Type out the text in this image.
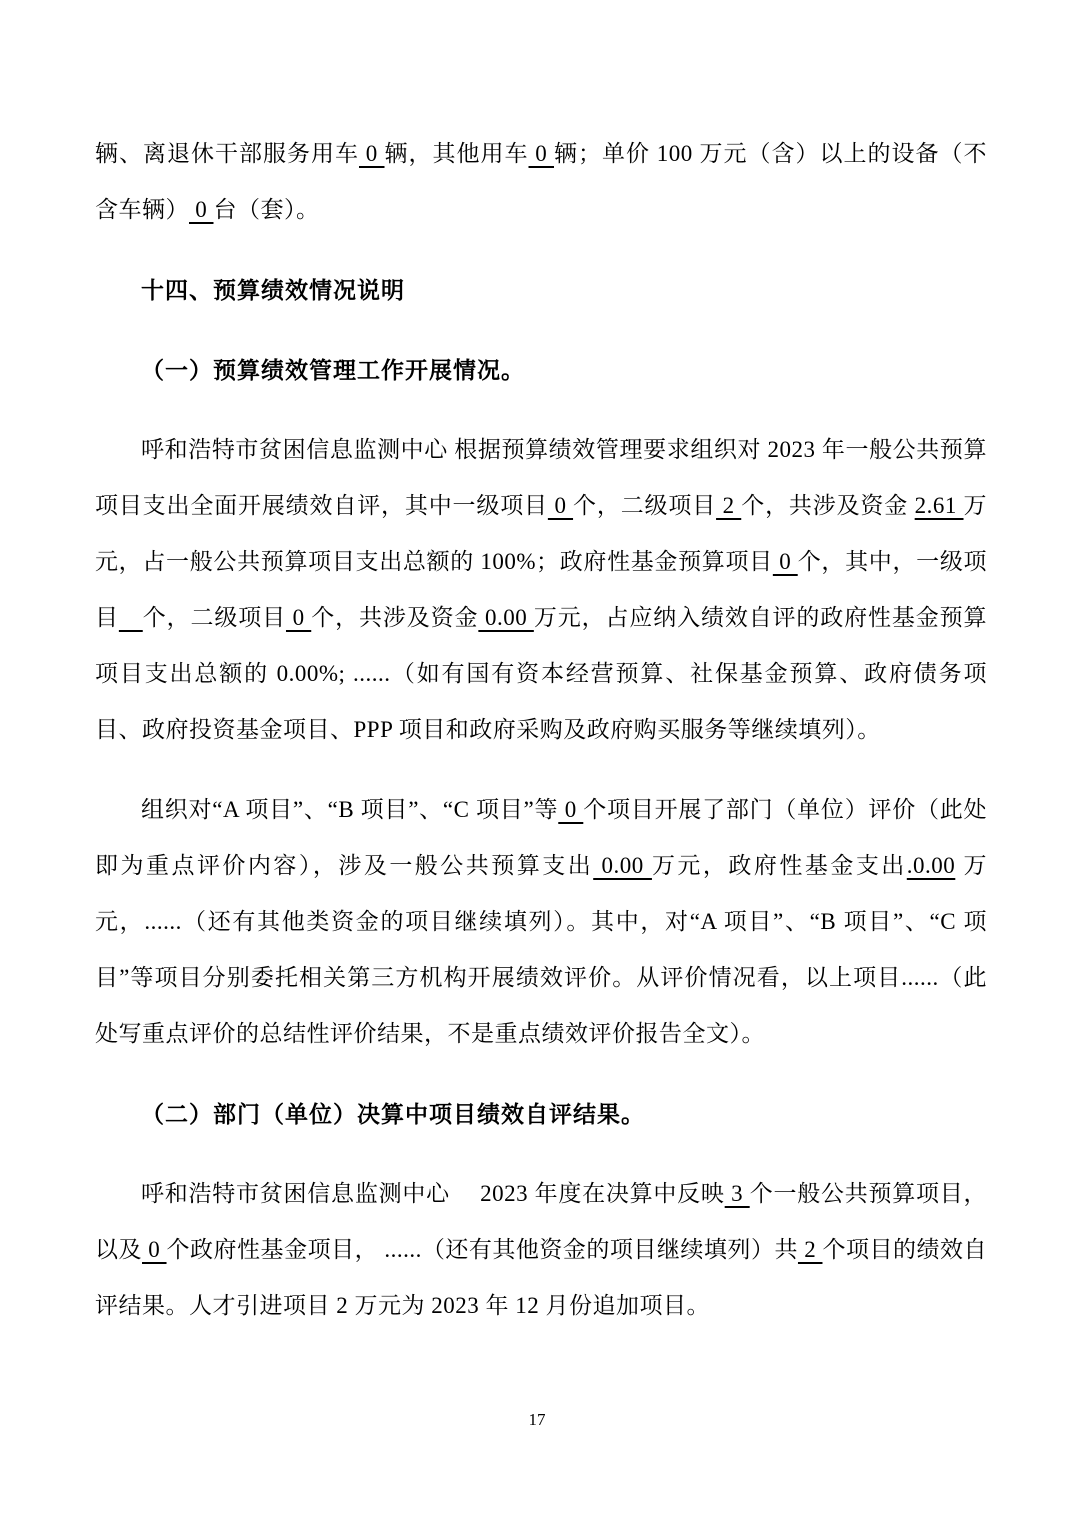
辆、离退休干部服务用车 0 辆，其他用车 0 辆；单价 100 万元（含）以上的设备（不含车辆） 0 台（套）。

十四、预算绩效情况说明

（一）预算绩效管理工作开展情况。

呼和浩特市贫困信息监测中心 根据预算绩效管理要求组织对 2023 年一般公共预算项目支出全面开展绩效自评，其中一级项目 0 个，二级项目 2 个，共涉及资金 2.61 万元，占一般公共预算项目支出总额的 100%；政府性基金预算项目 0 个，其中，一级项目　 个，二级项目 0 个，共涉及资金 0.00 万元，占应纳入绩效自评的政府性基金预算项目支出总额的 0.00%; ......（如有国有资本经营预算、社保基金预算、政府债务项目、政府投资基金项目、PPP 项目和政府采购及政府购买服务等继续填列）。

组织对“A 项目”、“B 项目”、“C 项目”等 0 个项目开展了部门（单位）评价（此处即为重点评价内容），涉及一般公共预算支出 0.00 万元，政府性基金支出.0.00 万元，......（还有其他类资金的项目继续填列）。其中，对“A 项目”、“B 项目”、“C 项目”等项目分别委托相关第三方机构开展绩效评价。从评价情况看，以上项目......（此处写重点评价的总结性评价结果，不是重点绩效评价报告全文）。

（二）部门（单位）决算中项目绩效自评结果。

呼和浩特市贫困信息监测中心　 2023 年度在决算中反映 3 个一般公共预算项目，以及 0 个政府性基金项目， ......（还有其他资金的项目继续填列）共 2 个项目的绩效自评结果。人才引进项目 2 万元为 2023 年 12 月份追加项目。

17
